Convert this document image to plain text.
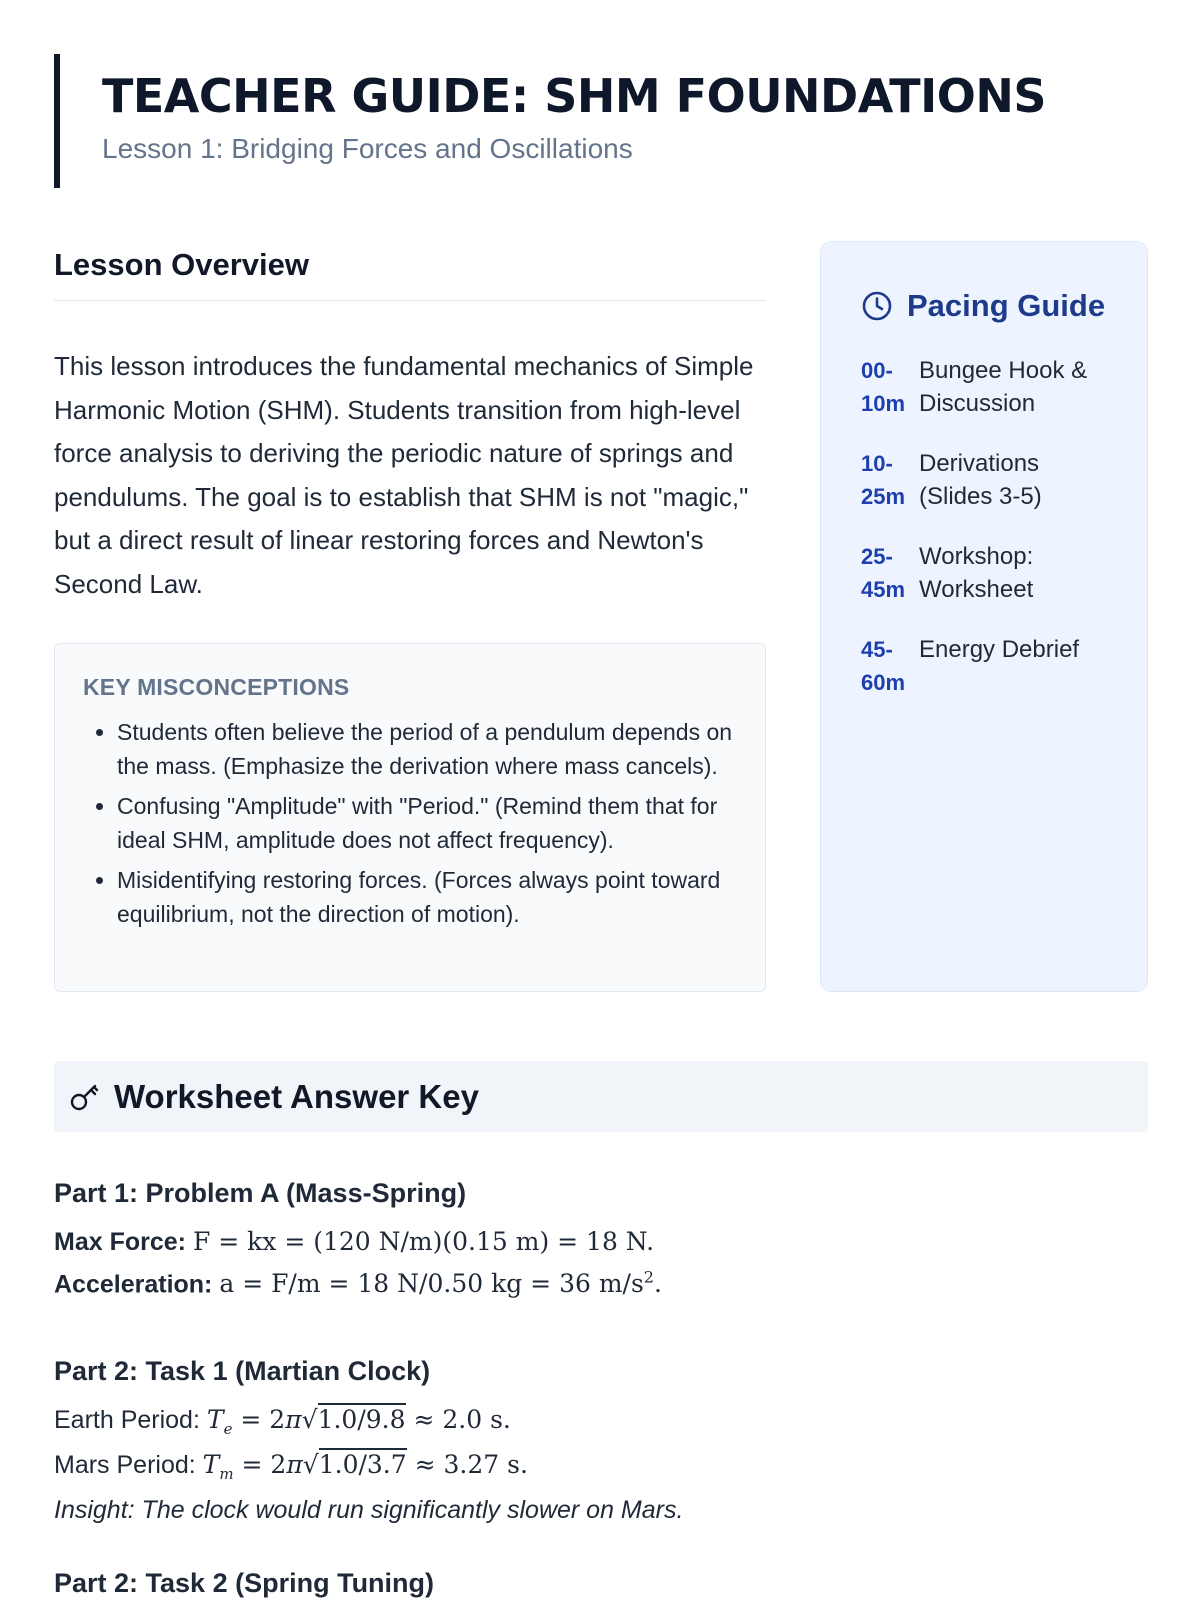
TEACHER GUIDE: SHM FOUNDATIONS
Lesson 1: Bridging Forces and Oscillations
Lesson Overview

This lesson introduces the fundamental mechanics of Simple Harmonic Motion (SHM). Students transition from high-level force analysis to deriving the periodic nature of springs and pendulums. The goal is to establish that SHM is not "magic," but a direct result of linear restoring forces and Newton's Second Law.

KEY MISCONCEPTIONS
• Students often believe the period of a pendulum depends on the mass. (Emphasize the derivation where mass cancels).
• Confusing "Amplitude" with "Period." (Remind them that for ideal SHM, amplitude does not affect frequency).
• Misidentifying restoring forces. (Forces always point toward equilibrium, not the direction of motion).
Pacing Guide
00-10m
Bungee Hook & Discussion
10-25m
Derivations (Slides 3-5)
25-45m
Workshop: Worksheet
45-60m
Energy Debrief
Worksheet Answer Key
Part 1: Problem A (Mass-Spring)
Max Force: F = kx = (120 N/m)(0.15 m) = 18 N.
Acceleration: a = F/m = 18 N/0.50 kg = 36 $m/s^2$.
Part 2: Task 1 (Martian Clock)
Earth Period: $T_e = 2\pi√1.0/9.8 \approx 2.0$ s.
Mars Period: $T_m = 2\pi√1.0/3.7 \approx 3.27$ s.
Insight: The clock would run significantly slower on Mars.
Part 2: Task 2 (Spring Tuning)
